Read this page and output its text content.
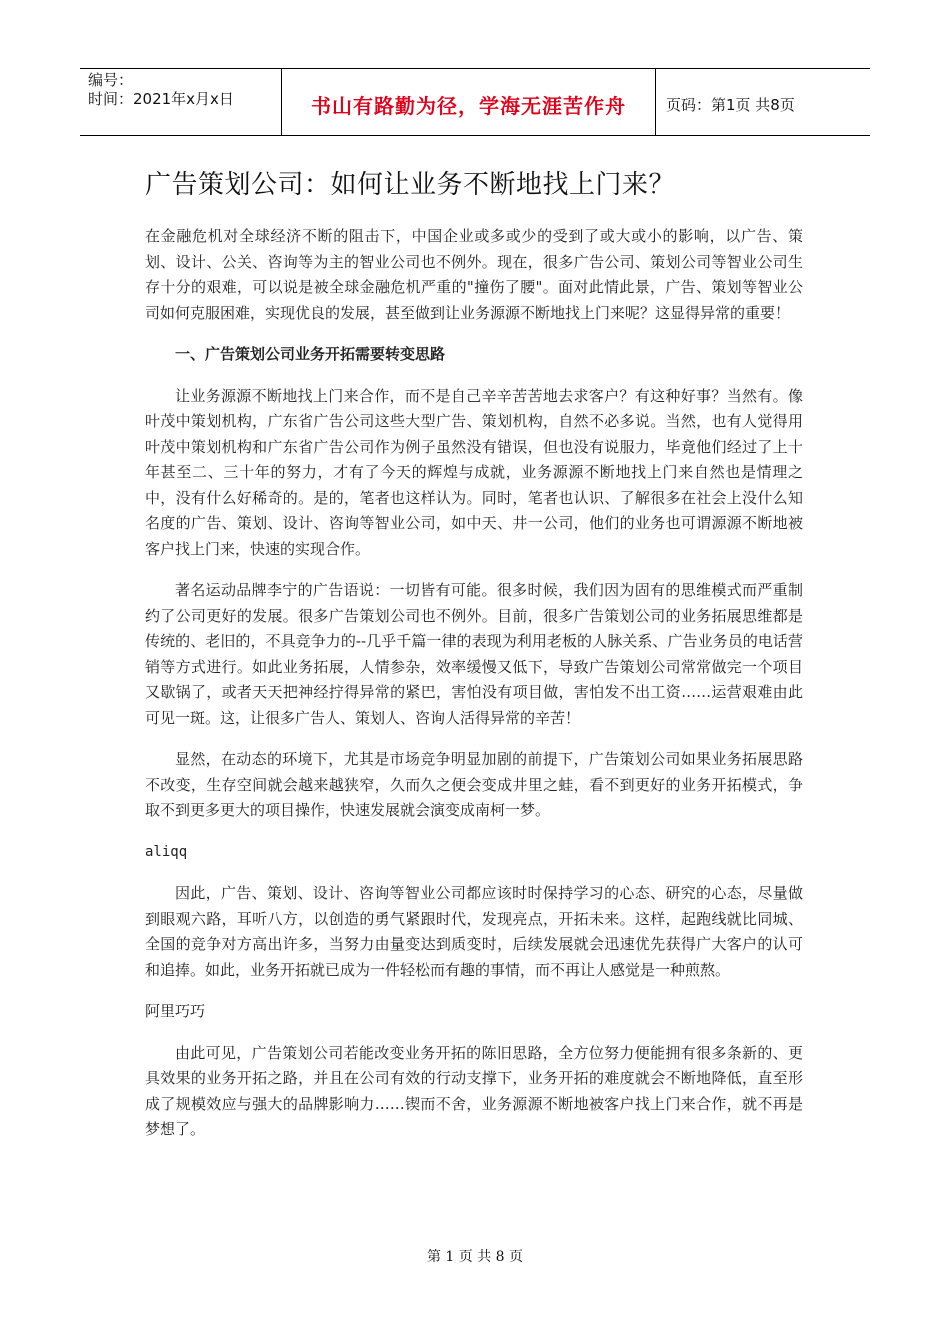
编号：
时间：2021年x月x日	书山有路勤为径，学海无涯苦作舟	页码：第1页 共8页
广告策划公司：如何让业务不断地找上门来？

在金融危机对全球经济不断的阻击下，中国企业或多或少的受到了或大或小的影响，以广告、策划、设计、公关、咨询等为主的智业公司也不例外。现在，很多广告公司、策划公司等智业公司生存十分的艰难，可以说是被全球金融危机严重的"撞伤了腰"。面对此情此景，广告、策划等智业公司如何克服困难，实现优良的发展，甚至做到让业务源源不断地找上门来呢？这显得异常的重要！

一、广告策划公司业务开拓需要转变思路

让业务源源不断地找上门来合作，而不是自己辛辛苦苦地去求客户？有这种好事？当然有。像叶茂中策划机构，广东省广告公司这些大型广告、策划机构，自然不必多说。当然，也有人觉得用叶茂中策划机构和广东省广告公司作为例子虽然没有错误，但也没有说服力，毕竟他们经过了上十年甚至二、三十年的努力，才有了今天的辉煌与成就，业务源源不断地找上门来自然也是情理之中，没有什么好稀奇的。是的，笔者也这样认为。同时，笔者也认识、了解很多在社会上没什么知名度的广告、策划、设计、咨询等智业公司，如中天、井一公司，他们的业务也可谓源源不断地被客户找上门来，快速的实现合作。

著名运动品牌李宁的广告语说：一切皆有可能。很多时候，我们因为固有的思维模式而严重制约了公司更好的发展。很多广告策划公司也不例外。目前，很多广告策划公司的业务拓展思维都是传统的、老旧的，不具竞争力的--几乎千篇一律的表现为利用老板的人脉关系、广告业务员的电话营销等方式进行。如此业务拓展，人情参杂，效率缓慢又低下，导致广告策划公司常常做完一个项目又歇锅了，或者天天把神经拧得异常的紧巴，害怕没有项目做，害怕发不出工资……运营艰难由此可见一斑。这，让很多广告人、策划人、咨询人活得异常的辛苦！

显然，在动态的环境下，尤其是市场竞争明显加剧的前提下，广告策划公司如果业务拓展思路不改变，生存空间就会越来越狭窄，久而久之便会变成井里之蛙，看不到更好的业务开拓模式，争取不到更多更大的项目操作，快速发展就会演变成南柯一梦。

aliqq

因此，广告、策划、设计、咨询等智业公司都应该时时保持学习的心态、研究的心态，尽量做到眼观六路，耳听八方，以创造的勇气紧跟时代，发现亮点，开拓未来。这样，起跑线就比同城、全国的竞争对方高出许多，当努力由量变达到质变时，后续发展就会迅速优先获得广大客户的认可和追捧。如此，业务开拓就已成为一件轻松而有趣的事情，而不再让人感觉是一种煎熬。

阿里巧巧

由此可见，广告策划公司若能改变业务开拓的陈旧思路，全方位努力便能拥有很多条新的、更具效果的业务开拓之路，并且在公司有效的行动支撑下，业务开拓的难度就会不断地降低，直至形成了规模效应与强大的品牌影响力……锲而不舍，业务源源不断地被客户找上门来合作，就不再是梦想了。

第 1 页 共 8 页
